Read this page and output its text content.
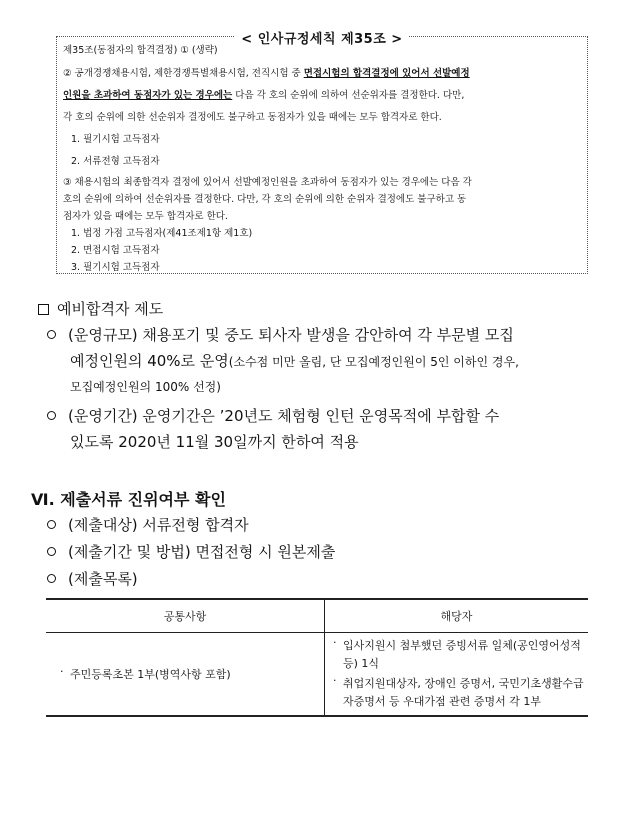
< 인사규정세칙 제35조 >
제35조(동점자의 합격결정) ① (생략)
② 공개경쟁채용시험, 제한경쟁특별채용시험, 전직시험 중 면접시험의 합격결정에 있어서 선발예정
인원을 초과하여 동점자가 있는 경우에는 다음 각 호의 순위에 의하여 선순위자를 결정한다. 다만,
각 호의 순위에 의한 선순위자 결정에도 불구하고 동점자가 있을 때에는 모두 합격자로 한다.
1. 필기시험 고득점자
2. 서류전형 고득점자
③ 채용시험의 최종합격자 결정에 있어서 선발예정인원을 초과하여 동점자가 있는 경우에는 다음 각
호의 순위에 의하여 선순위자를 결정한다. 다만, 각 호의 순위에 의한 순위자 결정에도 불구하고 동
점자가 있을 때에는 모두 합격자로 한다.
1. 법정 가점 고득점자(제41조제1항 제1호)
2. 면접시험 고득점자
3. 필기시험 고득점자
예비합격자 제도
(운영규모) 채용포기 및 중도 퇴사자 발생을 감안하여 각 부문별 모집
예정인원의 40%로 운영(소수점 미만 올림, 단 모집예정인원이 5인 이하인 경우,
모집예정인원의 100% 선정)
(운영기간) 운영기간은 ’20년도 체험형 인턴 운영목적에 부합할 수
있도록 2020년 11월 30일까지 한하여 적용
Ⅵ. 제출서류 진위여부 확인
(제출대상) 서류전형 합격자
(제출기간 및 방법) 면접전형 시 원본제출
(제출목록)
공통사항	해당자

· 주민등록초본 1부(병역사항 포함)	· 입사지원시 첨부했던 증빙서류 일체(공인영어성적 등) 1식
· 취업지원대상자, 장애인 증명서, 국민기초생활수급자증명서 등 우대가점 관련 증명서 각 1부
